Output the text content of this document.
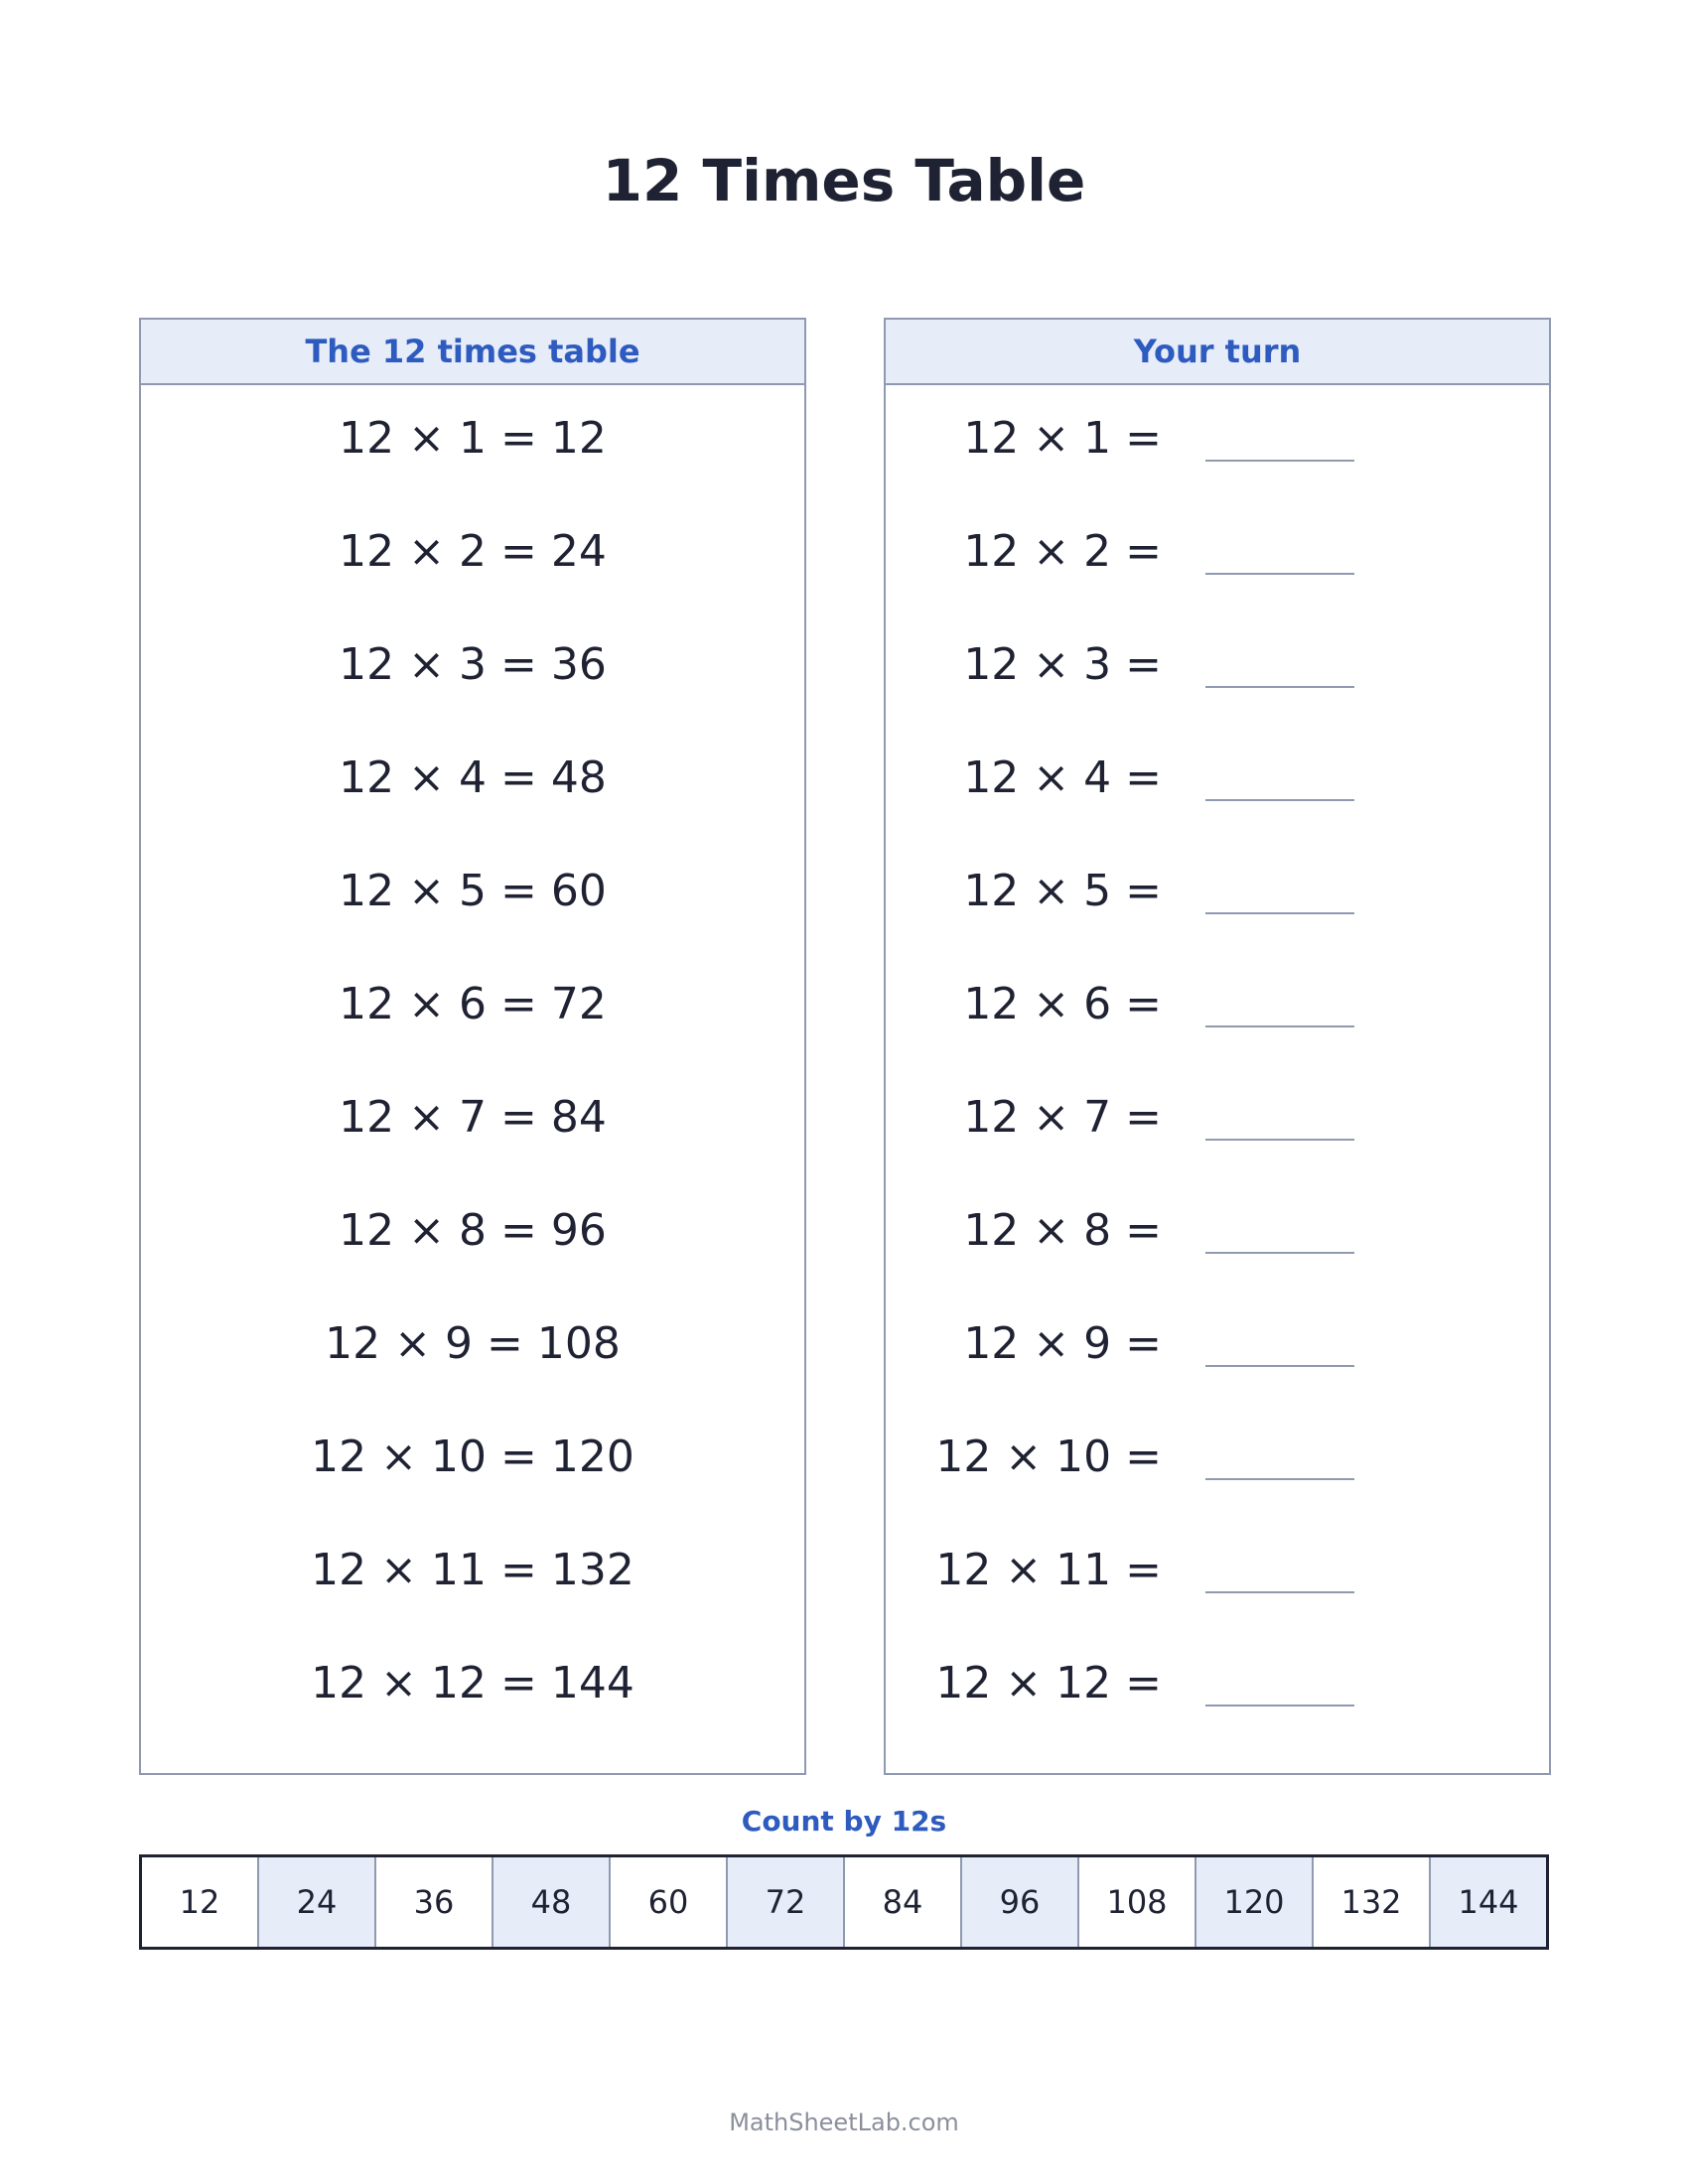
12 Times Table
The 12 times table
12 × 1 = 12
12 × 2 = 24
12 × 3 = 36
12 × 4 = 48
12 × 5 = 60
12 × 6 = 72
12 × 7 = 84
12 × 8 = 96
12 × 9 = 108
12 × 10 = 120
12 × 11 = 132
12 × 12 = 144
Your turn
12 × 1 =
12 × 2 =
12 × 3 =
12 × 4 =
12 × 5 =
12 × 6 =
12 × 7 =
12 × 8 =
12 × 9 =
12 × 10 =
12 × 11 =
12 × 12 =
Count by 12s
12	24	36	48	60	72	84	96	108	120	132	144
MathSheetLab.com
